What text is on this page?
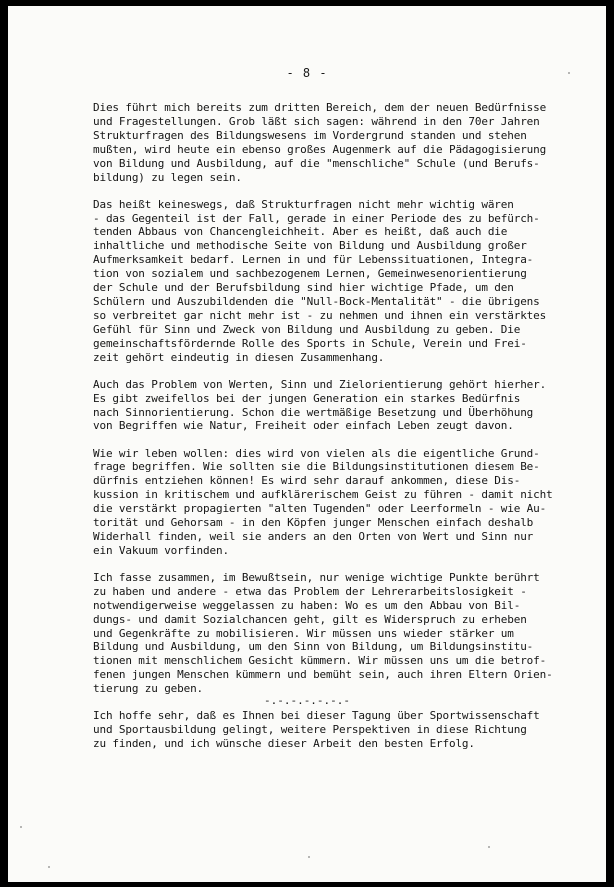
- 8 -
Dies führt mich bereits zum dritten Bereich, dem der neuen Bedürfnisse
und Fragestellungen. Grob läßt sich sagen: während in den 70er Jahren
Strukturfragen des Bildungswesens im Vordergrund standen und stehen
mußten, wird heute ein ebenso großes Augenmerk auf die Pädagogisierung
von Bildung und Ausbildung, auf die "menschliche" Schule (und Berufs-
bildung) zu legen sein.
Das heißt keineswegs, daß Strukturfragen nicht mehr wichtig wären
- das Gegenteil ist der Fall, gerade in einer Periode des zu befürch-
tenden Abbaus von Chancengleichheit. Aber es heißt, daß auch die
inhaltliche und methodische Seite von Bildung und Ausbildung großer
Aufmerksamkeit bedarf. Lernen in und für Lebenssituationen, Integra-
tion von sozialem und sachbezogenem Lernen, Gemeinwesenorientierung
der Schule und der Berufsbildung sind hier wichtige Pfade, um den
Schülern und Auszubildenden die "Null-Bock-Mentalität" - die übrigens
so verbreitet gar nicht mehr ist - zu nehmen und ihnen ein verstärktes
Gefühl für Sinn und Zweck von Bildung und Ausbildung zu geben. Die
gemeinschaftsfördernde Rolle des Sports in Schule, Verein und Frei-
zeit gehört eindeutig in diesen Zusammenhang.
Auch das Problem von Werten, Sinn und Zielorientierung gehört hierher.
Es gibt zweifellos bei der jungen Generation ein starkes Bedürfnis
nach Sinnorientierung. Schon die wertmäßige Besetzung und Überhöhung
von Begriffen wie Natur, Freiheit oder einfach Leben zeugt davon.
Wie wir leben wollen: dies wird von vielen als die eigentliche Grund-
frage begriffen. Wie sollten sie die Bildungsinstitutionen diesem Be-
dürfnis entziehen können! Es wird sehr darauf ankommen, diese Dis-
kussion in kritischem und aufklärerischem Geist zu führen - damit nicht
die verstärkt propagierten "alten Tugenden" oder Leerformeln - wie Au-
torität und Gehorsam - in den Köpfen junger Menschen einfach deshalb
Widerhall finden, weil sie anders an den Orten von Wert und Sinn nur
ein Vakuum vorfinden.
Ich fasse zusammen, im Bewußtsein, nur wenige wichtige Punkte berührt
zu haben und andere - etwa das Problem der Lehrerarbeitslosigkeit -
notwendigerweise weggelassen zu haben: Wo es um den Abbau von Bil-
dungs- und damit Sozialchancen geht, gilt es Widerspruch zu erheben
und Gegenkräfte zu mobilisieren. Wir müssen uns wieder stärker um
Bildung und Ausbildung, um den Sinn von Bildung, um Bildungsinstitu-
tionen mit menschlichem Gesicht kümmern. Wir müssen uns um die betrof-
fenen jungen Menschen kümmern und bemüht sein, auch ihren Eltern Orien-
tierung zu geben.
Ich hoffe sehr, daß es Ihnen bei dieser Tagung über Sportwissenschaft
und Sportausbildung gelingt, weitere Perspektiven in diese Richtung
zu finden, und ich wünsche dieser Arbeit den besten Erfolg.
-.-.-.-.-.-.-
